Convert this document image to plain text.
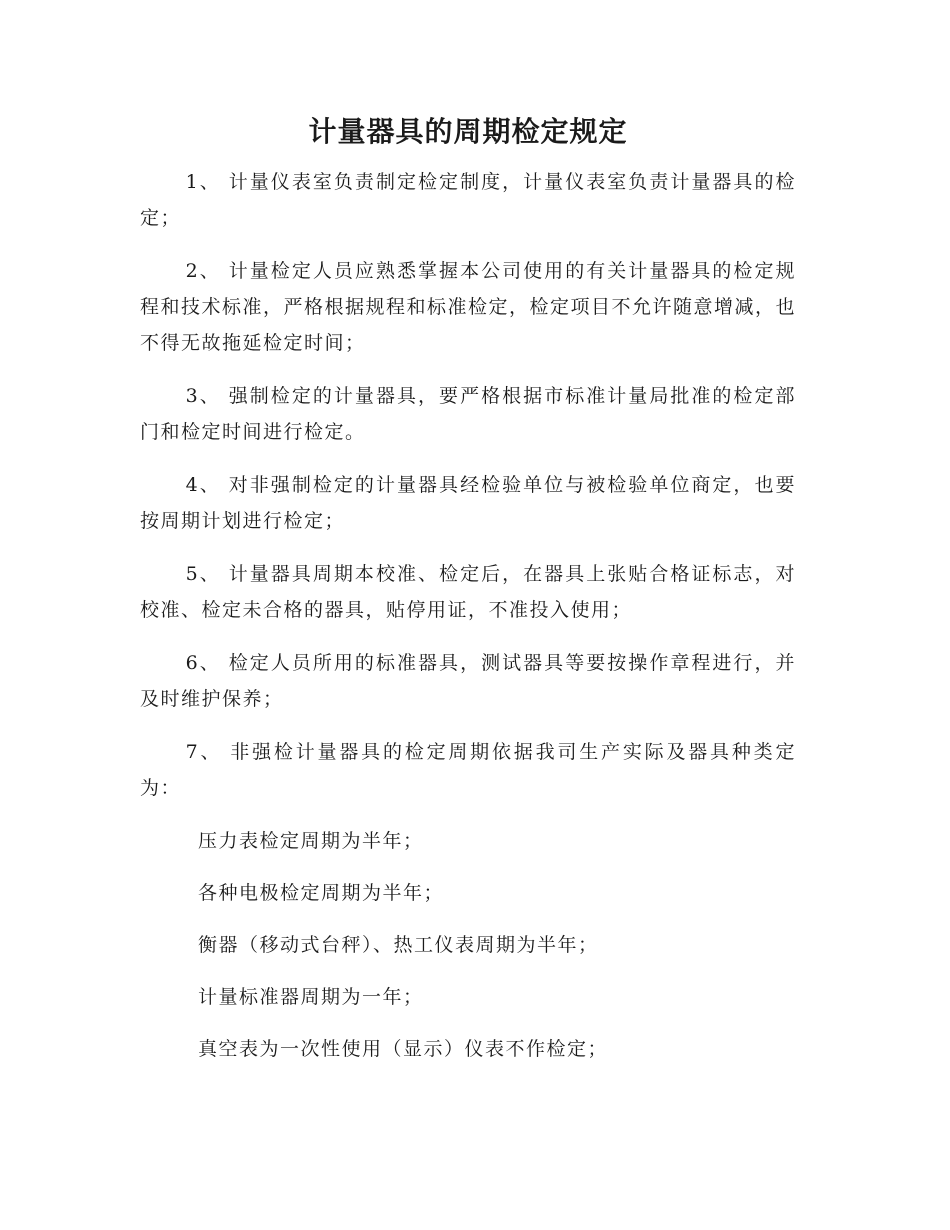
计量器具的周期检定规定

1、 计量仪表室负责制定检定制度，计量仪表室负责计量器具的检定；

2、 计量检定人员应熟悉掌握本公司使用的有关计量器具的检定规程和技术标准，严格根据规程和标准检定，检定项目不允许随意增减，也不得无故拖延检定时间；

3、 强制检定的计量器具，要严格根据市标准计量局批准的检定部门和检定时间进行检定。

4、 对非强制检定的计量器具经检验单位与被检验单位商定，也要按周期计划进行检定；

5、 计量器具周期本校准、检定后，在器具上张贴合格证标志，对校准、检定未合格的器具，贴停用证，不准投入使用；

6、 检定人员所用的标准器具，测试器具等要按操作章程进行，并及时维护保养；

7、 非强检计量器具的检定周期依据我司生产实际及器具种类定为：

压力表检定周期为半年；
各种电极检定周期为半年；
衡器（移动式台秤）、热工仪表周期为半年；
计量标准器周期为一年；
真空表为一次性使用（显示）仪表不作检定；
